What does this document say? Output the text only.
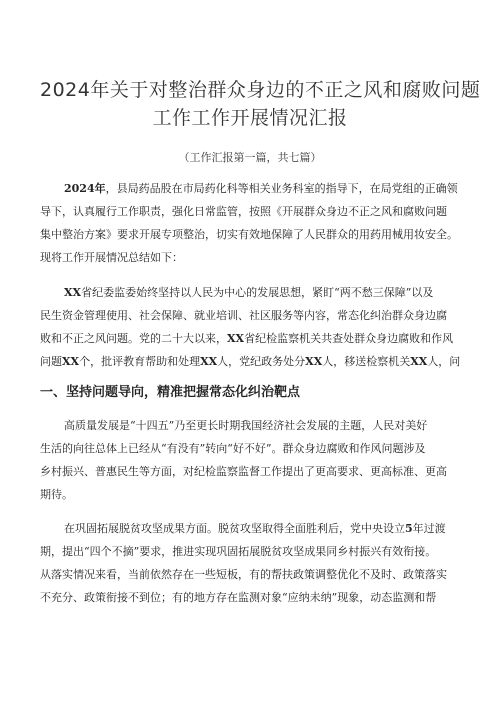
2024年关于对整治群众身边的不正之风和腐败问题
工作工作开展情况汇报
（工作汇报第一篇，共七篇）
2024年，县局药品股在市局药化科等相关业务科室的指导下，在局党组的正确领
导下，认真履行工作职责，强化日常监管，按照《开展群众身边不正之风和腐败问题
集中整治方案》要求开展专项整治，切实有效地保障了人民群众的用药用械用妆安全。
现将工作开展情况总结如下：
XX省纪委监委始终坚持以人民为中心的发展思想，紧盯“两不愁三保障”以及
民生资金管理使用、社会保障、就业培训、社区服务等内容，常态化纠治群众身边腐
败和不正之风问题。党的二十大以来，XX省纪检监察机关共查处群众身边腐败和作风
问题XX个，批评教育帮助和处理XX人，党纪政务处分XX人，移送检察机关XX人，问
一、坚持问题导向，精准把握常态化纠治靶点
高质量发展是“十四五”乃至更长时期我国经济社会发展的主题，人民对美好
生活的向往总体上已经从“有没有”转向“好不好”。群众身边腐败和作风问题涉及
乡村振兴、普惠民生等方面，对纪检监察监督工作提出了更高要求、更高标准、更高
期待。
在巩固拓展脱贫攻坚成果方面。脱贫攻坚取得全面胜利后，党中央设立5年过渡
期，提出“四个不摘”要求，推进实现巩固拓展脱贫攻坚成果同乡村振兴有效衔接。
从落实情况来看，当前依然存在一些短板，有的帮扶政策调整优化不及时、政策落实
不充分、政策衔接不到位；有的地方存在监测对象“应纳未纳”现象，动态监测和帮
